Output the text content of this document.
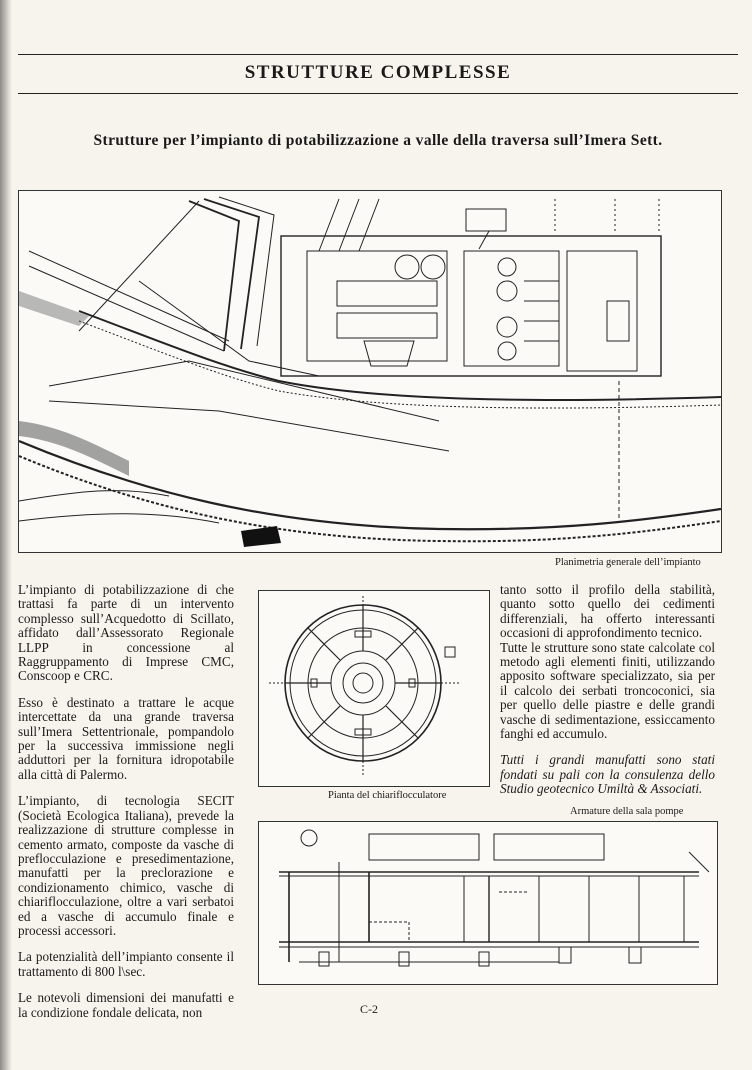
STRUTTURE COMPLESSE
Strutture per l’impianto di potabilizzazione a valle della traversa sull’Imera Sett.
Planimetria generale dell’impianto

L’impianto di potabilizzazione di che trattasi fa parte di un intervento complesso sull’Acquedotto di Scillato, affidato dall’Assessorato Regionale LLPP in concessione al Raggruppamento di Imprese CMC, Conscoop e CRC.

Esso è destinato a trattare le acque intercettate da una grande traversa sull’Imera Settentrionale, pompandolo per la successiva immissione negli adduttori per la fornitura idropotabile alla città di Palermo.

L’impianto, di tecnologia SECIT (Società Ecologica Italiana), prevede la realizzazione di strutture complesse in cemento armato, composte da vasche di preflocculazione e presedimentazione, manufatti per la preclorazione e condizionamento chimico, vasche di chiariflocculazione, oltre a vari serbatoi ed a vasche di accumulo finale e processi accessori.

La potenzialità dell’impianto consente il trattamento di 800 l\sec.

Le notevoli dimensioni dei manufatti e la condizione fondale delicata, non

Pianta del chiariflocculatore

tanto sotto il profilo della stabilità, quanto sotto quello dei cedimenti differenziali, ha offerto interessanti occasioni di approfondimento tecnico.

Tutte le strutture sono state calcolate col metodo agli elementi finiti, utilizzando apposito software specializzato, sia per il calcolo dei serbati troncoconici, sia per quello delle piastre e delle grandi vasche di sedimentazione, essiccamento fanghi ed accumulo.

Tutti i grandi manufatti sono stati fondati su pali con la consulenza dello Studio geotecnico Umiltà & Associati.

Armature della sala pompe
C-2
